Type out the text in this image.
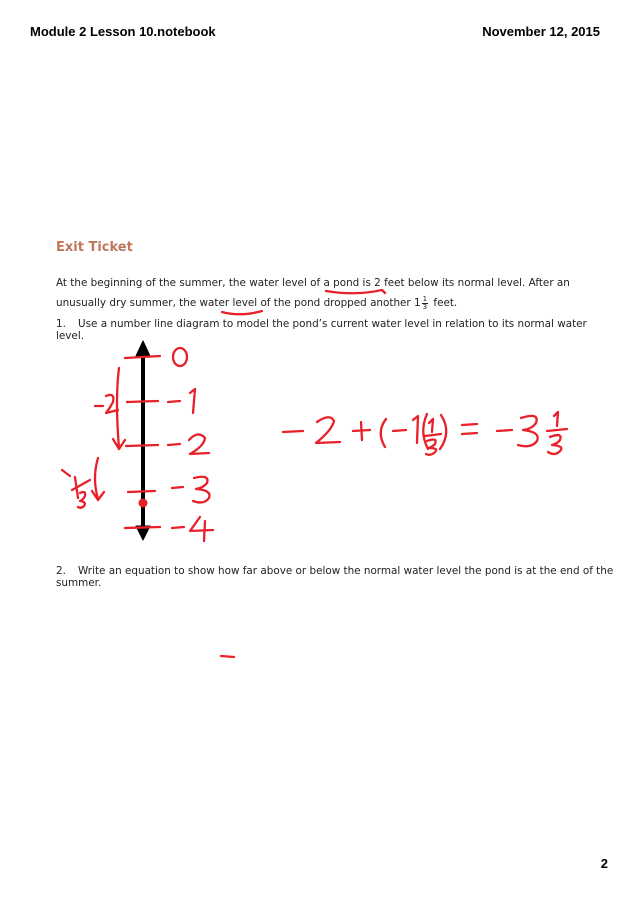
Module 2 Lesson 10.notebook	November 12, 2015
Exit Ticket
At the beginning of the summer, the water level of a pond is 2 feet below its normal level. After an unusually dry summer, the water level of the pond dropped another $1 \frac{1}{3}$ feet.
1. Use a number line diagram to model the pond’s current water level in relation to its normal water level.
2. Write an equation to show how far above or below the normal water level the pond is at the end of the summer.
2
